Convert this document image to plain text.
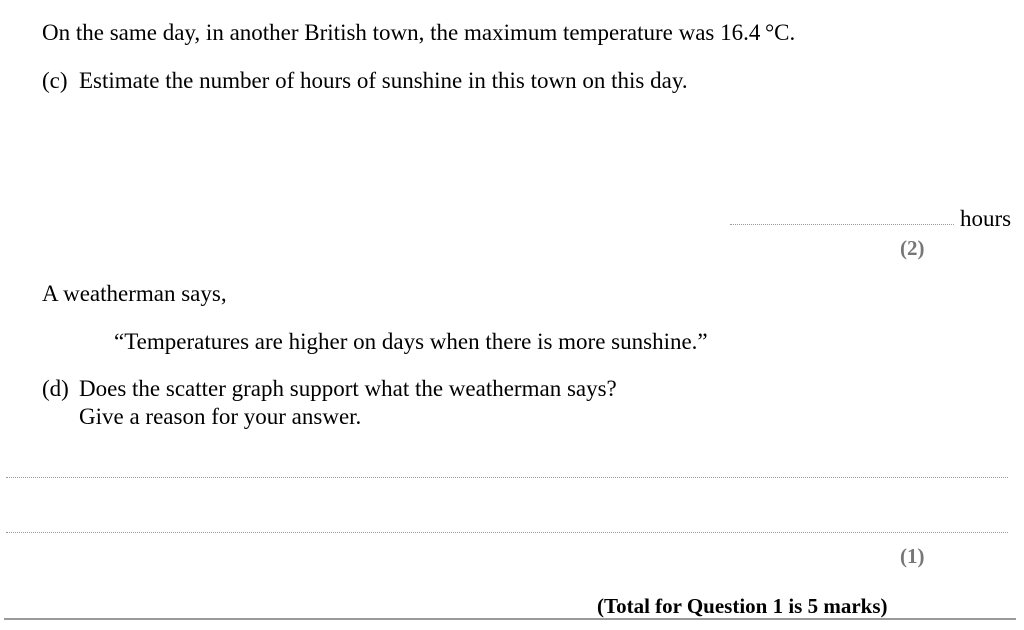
On the same day, in another British town, the maximum temperature was 16.4 °C.
(c) Estimate the number of hours of sunshine in this town on this day.
hours
(2)
A weatherman says,
“Temperatures are higher on days when there is more sunshine.”
(d) Does the scatter graph support what the weatherman says?
Give a reason for your answer.
(1)
(Total for Question 1 is 5 marks)
